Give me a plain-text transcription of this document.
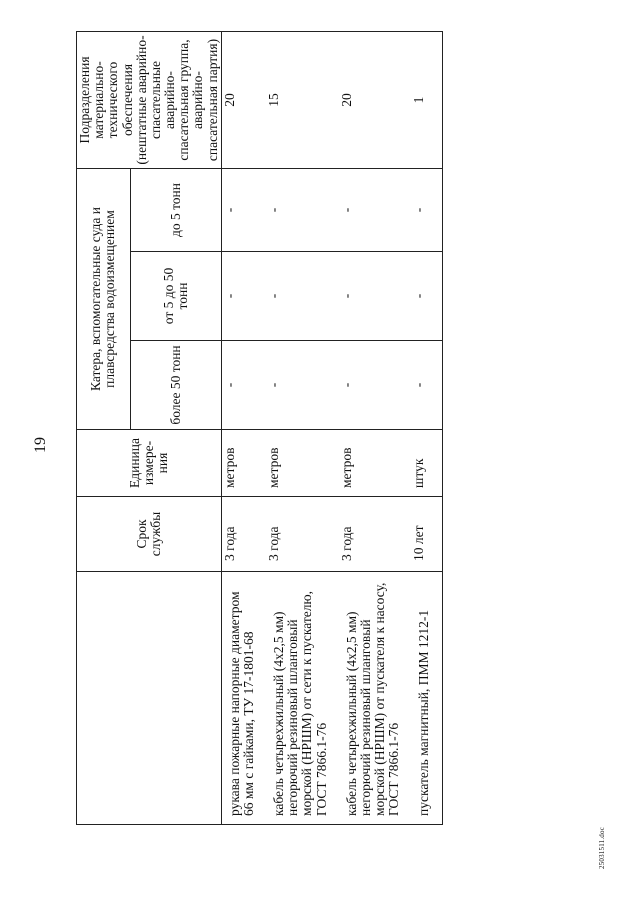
19
	Срок службы	Единица измере-ния	Катера, вспомогательные суда и плавсредства водоизмещением			Подразделения материально-технического обеспечения (нештатные аварийно-спасательные аварийно-спасательная группа, аварийно-спасательная партия)
			более 50 тонн	от 5 до 50 тонн	до 5 тонн	
рукава пожарные напорные диаметром 66 мм с гайками, ТУ 17-1801-68	3 года	метров	-	-	-	20
кабель четырехжильный (4х2,5 мм) негорючий резиновый шланговый морской (НРШМ) от сети к пускателю, ГОСТ 7866.1-76	3 года	метров	-	-	-	15
кабель четырехжильный (4х2,5 мм) негорючий резиновый шланговый морской (НРШМ) от пускателя к насосу, ГОСТ 7866.1-76	3 года	метров	-	-	-	20
пускатель магнитный, ПММ 1212-1	10 лет	штук	-	-	-	1
25031511.doc
